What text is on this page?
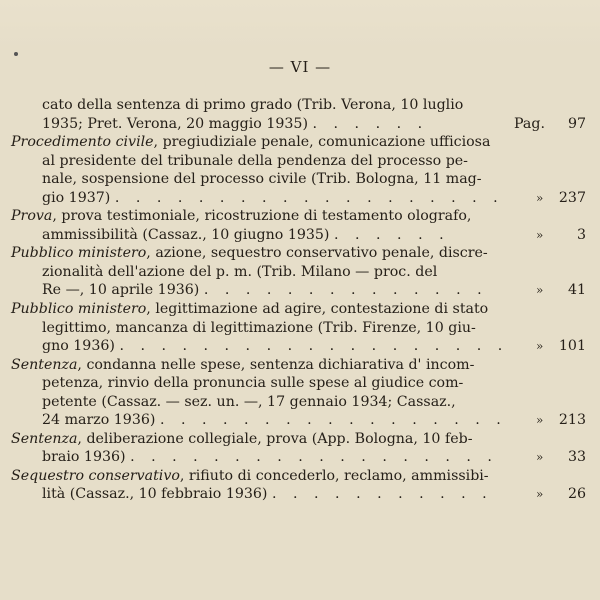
— VI —
cato della sentenza di primo grado (Trib. Verona, 10 luglio
1935; Pret. Verona, 20 maggio 1935) . . . . . .	Pag. 97
Procedimento civile, pregiudiziale penale, comunicazione ufficiosa
al presidente del tribunale della pendenza del processo pe-
nale, sospensione del processo civile (Trib. Bologna, 11 mag-
gio 1937) . . . . . . . . . . . . . . . . . . .	» 237
Prova, prova testimoniale, ricostruzione di testamento olografo,
ammissibilità (Cassaz., 10 giugno 1935) . . . . . .	» 3
Pubblico ministero, azione, sequestro conservativo penale, discre-
zionalità dell'azione del p. m. (Trib. Milano — proc. del
Re —, 10 aprile 1936) . . . . . . . . . . . . . .	» 41
Pubblico ministero, legittimazione ad agire, contestazione di stato
legittimo, mancanza di legittimazione (Trib. Firenze, 10 giu-
gno 1936) . . . . . . . . . . . . . . . . . . . » 101
Sentenza, condanna nelle spese, sentenza dichiarativa d' incom-
petenza, rinvio della pronuncia sulle spese al giudice com-
petente (Cassaz. — sez. un. —, 17 gennaio 1934; Cassaz.,
24 marzo 1936) . . . . . . . . . . . . . . . . . » 213
Sentenza, deliberazione collegiale, prova (App. Bologna, 10 feb-
braio 1936) . . . . . . . . . . . . . . . . . .	» 33
Sequestro conservativo, rifiuto di concederlo, reclamo, ammissibi-
lità (Cassaz., 10 febbraio 1936) . . . . . . . . . . .	» 26
